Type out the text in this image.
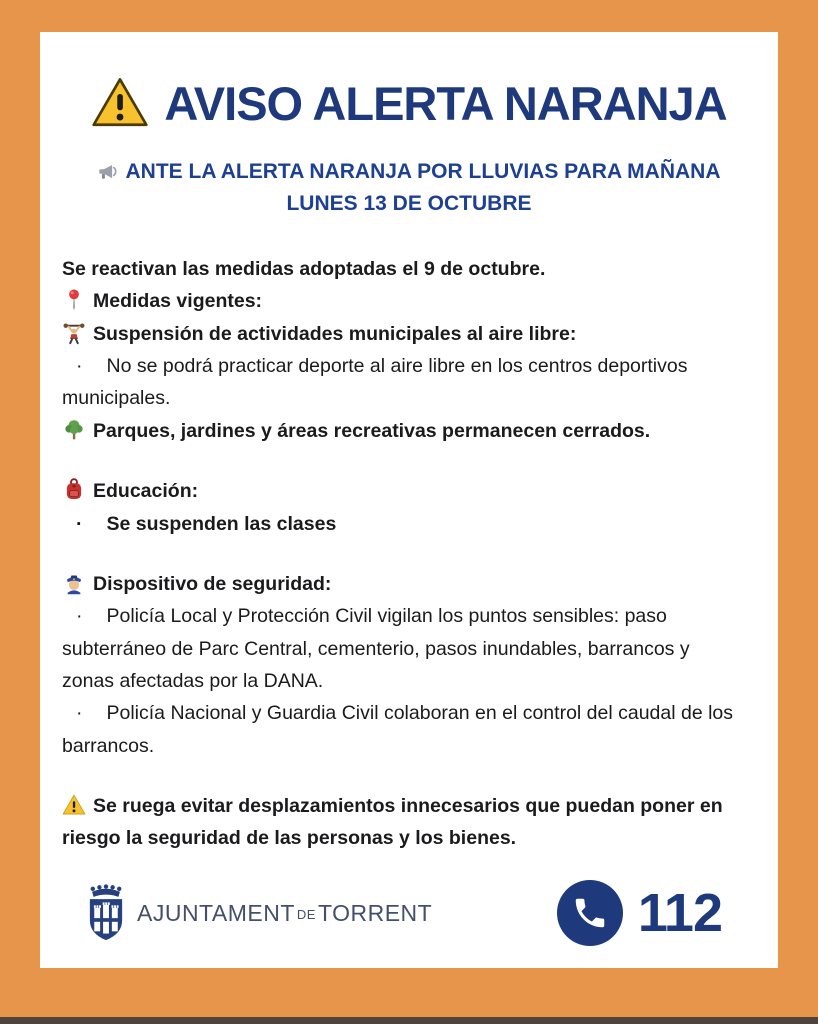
AVISO ALERTA NARANJA
ANTE LA ALERTA NARANJA POR LLUVIAS PARA MAÑANA
LUNES 13 DE OCTUBRE
Se reactivan las medidas adoptadas el 9 de octubre.
Medidas vigentes:
Suspensión de actividades municipales al aire libre:
· No se podrá practicar deporte al aire libre en los centros deportivos municipales.
Parques, jardines y áreas recreativas permanecen cerrados.
Educación:
· Se suspenden las clases
Dispositivo de seguridad:
· Policía Local y Protección Civil vigilan los puntos sensibles: paso subterráneo de Parc Central, cementerio, pasos inundables, barrancos y zonas afectadas por la DANA.
· Policía Nacional y Guardia Civil colaboran en el control del caudal de los barrancos.
Se ruega evitar desplazamientos innecesarios que puedan poner en riesgo la seguridad de las personas y los bienes.
AJUNTAMENT DETORRENT	112
